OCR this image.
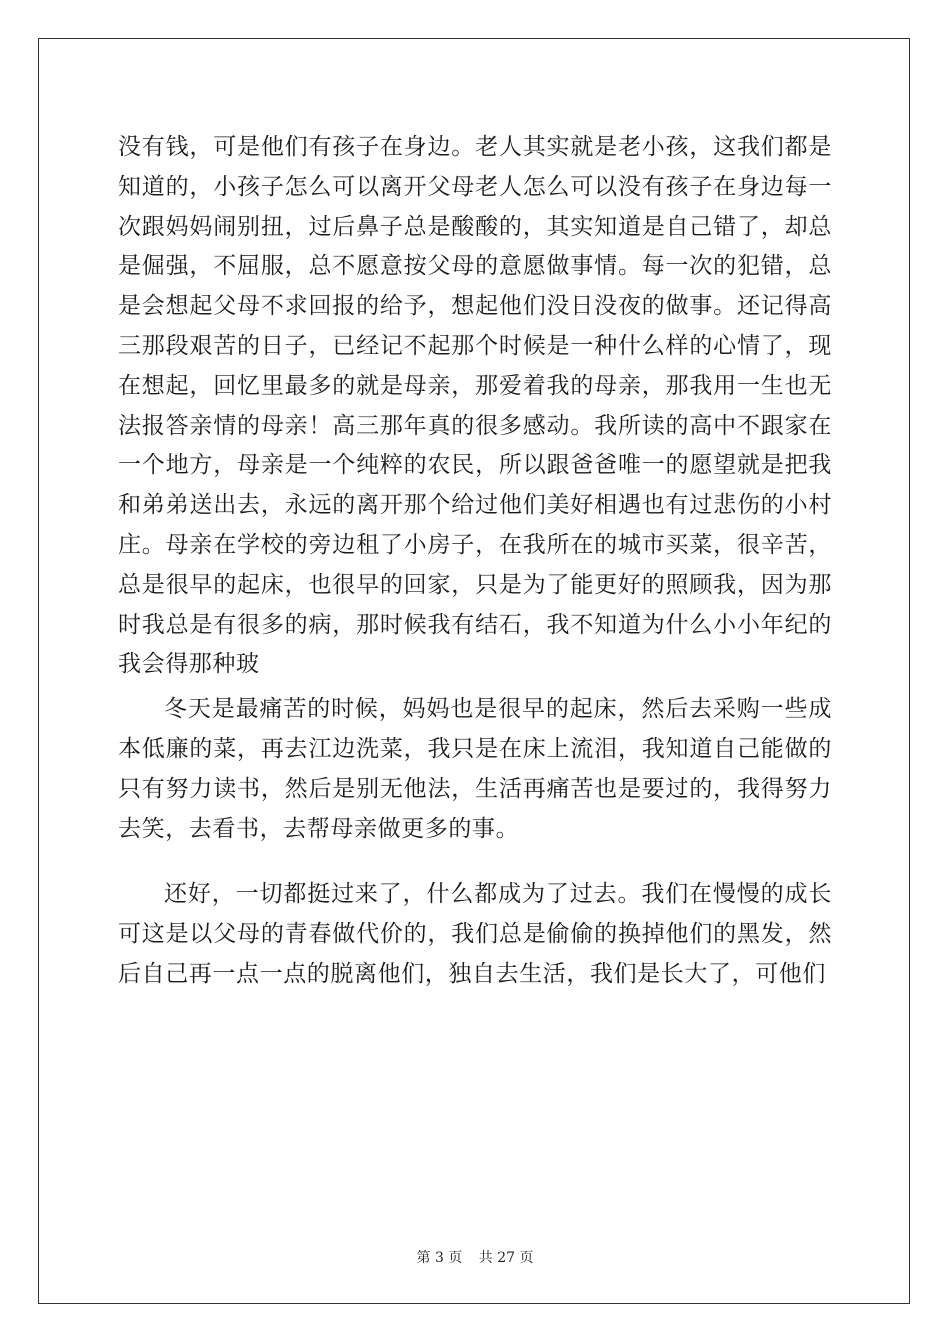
没有钱，可是他们有孩子在身边。老人其实就是老小孩，这我们都是知道的，小孩子怎么可以离开父母老人怎么可以没有孩子在身边每一次跟妈妈闹别扭，过后鼻子总是酸酸的，其实知道是自己错了，却总是倔强，不屈服，总不愿意按父母的意愿做事情。每一次的犯错，总是会想起父母不求回报的给予，想起他们没日没夜的做事。还记得高三那段艰苦的日子，已经记不起那个时候是一种什么样的心情了，现在想起，回忆里最多的就是母亲，那爱着我的母亲，那我用一生也无法报答亲情的母亲！高三那年真的很多感动。我所读的高中不跟家在一个地方，母亲是一个纯粹的农民，所以跟爸爸唯一的愿望就是把我和弟弟送出去，永远的离开那个给过他们美好相遇也有过悲伤的小村庄。母亲在学校的旁边租了小房子，在我所在的城市买菜，很辛苦，总是很早的起床，也很早的回家，只是为了能更好的照顾我，因为那时我总是有很多的病，那时候我有结石，我不知道为什么小小年纪的我会得那种玻

冬天是最痛苦的时候，妈妈也是很早的起床，然后去采购一些成本低廉的菜，再去江边洗菜，我只是在床上流泪，我知道自己能做的只有努力读书，然后是别无他法，生活再痛苦也是要过的，我得努力去笑，去看书，去帮母亲做更多的事。

还好，一切都挺过来了，什么都成为了过去。我们在慢慢的成长可这是以父母的青春做代价的，我们总是偷偷的换掉他们的黑发，然后自己再一点一点的脱离他们，独自去生活，我们是长大了，可他们

第 3 页 共 27 页
